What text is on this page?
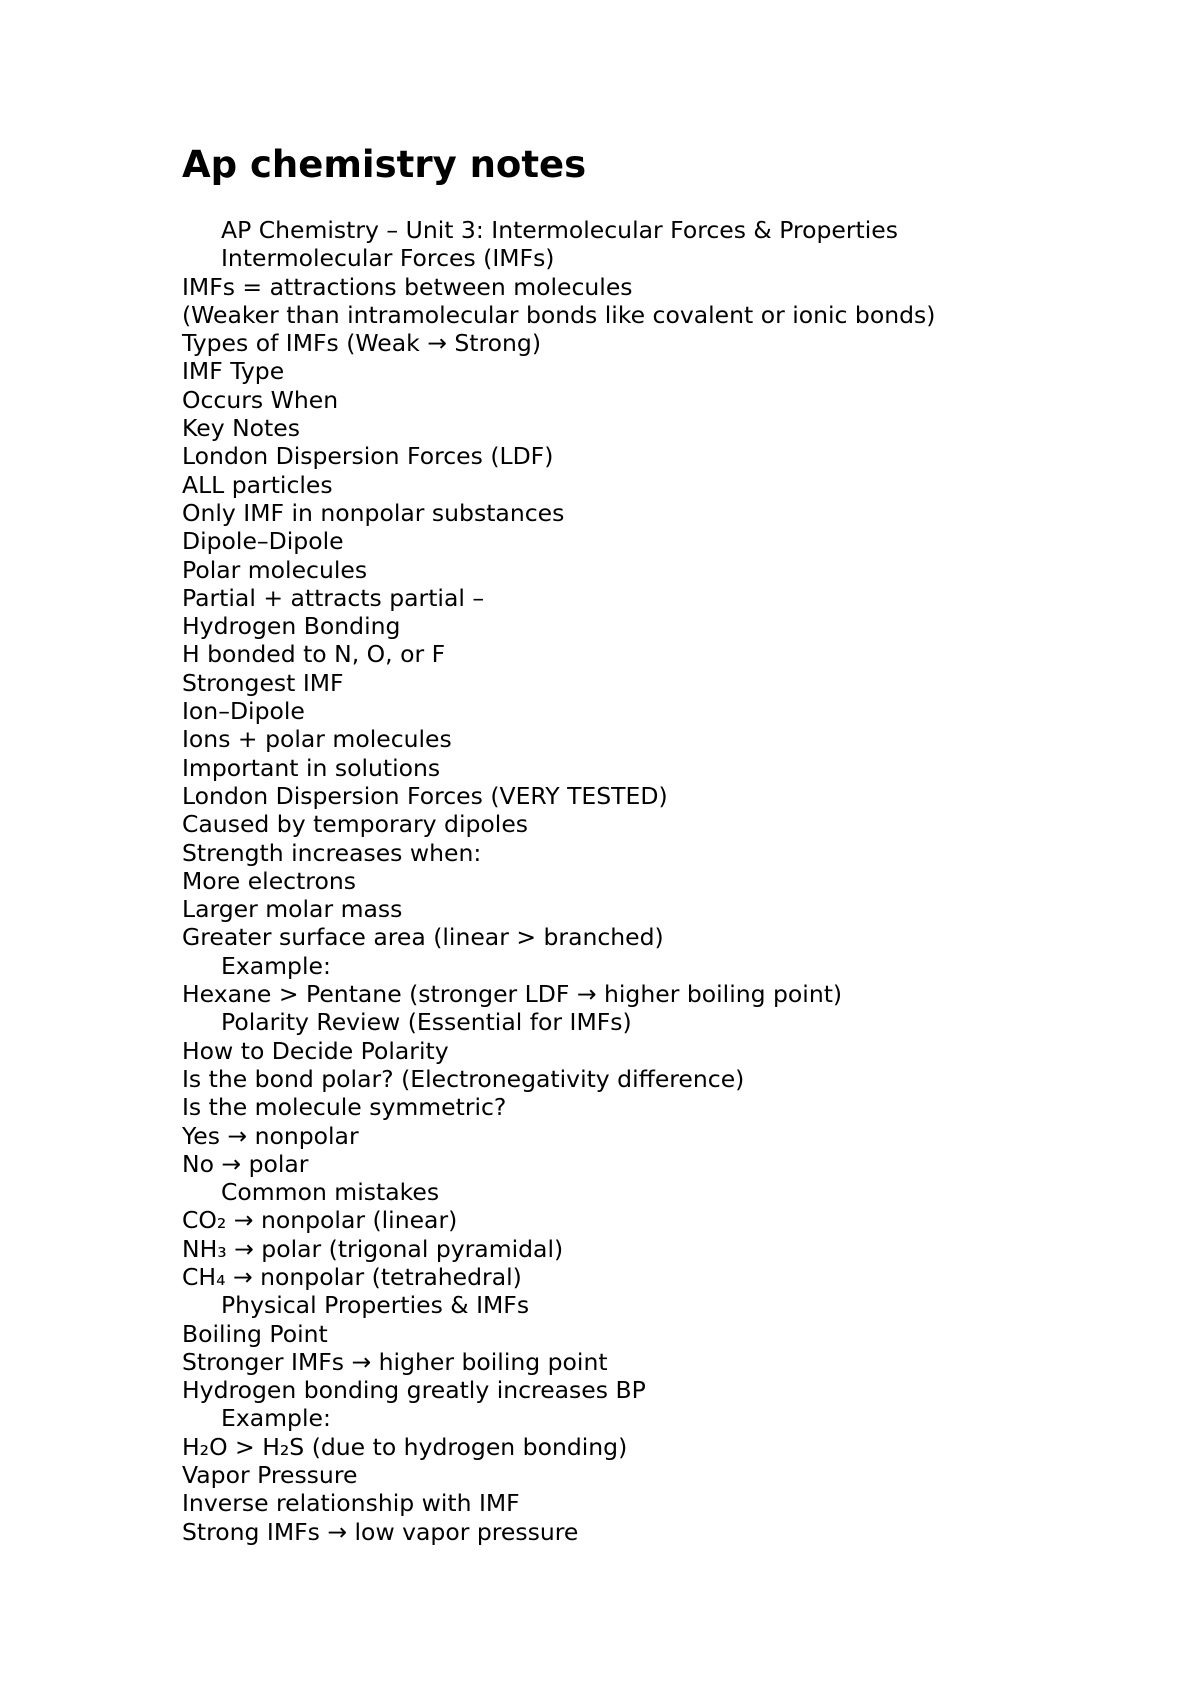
Ap chemistry notes
AP Chemistry – Unit 3: Intermolecular Forces & Properties
Intermolecular Forces (IMFs)
IMFs = attractions between molecules
(Weaker than intramolecular bonds like covalent or ionic bonds)
Types of IMFs (Weak → Strong)
IMF Type
Occurs When
Key Notes
London Dispersion Forces (LDF)
ALL particles
Only IMF in nonpolar substances
Dipole–Dipole
Polar molecules
Partial + attracts partial –
Hydrogen Bonding
H bonded to N, O, or F
Strongest IMF
Ion–Dipole
Ions + polar molecules
Important in solutions
London Dispersion Forces (VERY TESTED)
Caused by temporary dipoles
Strength increases when:
More electrons
Larger molar mass
Greater surface area (linear > branched)
Example:
Hexane > Pentane (stronger LDF → higher boiling point)
Polarity Review (Essential for IMFs)
How to Decide Polarity
Is the bond polar? (Electronegativity difference)
Is the molecule symmetric?
Yes → nonpolar
No → polar
Common mistakes
CO₂ → nonpolar (linear)
NH₃ → polar (trigonal pyramidal)
CH₄ → nonpolar (tetrahedral)
Physical Properties & IMFs
Boiling Point
Stronger IMFs → higher boiling point
Hydrogen bonding greatly increases BP
Example:
H₂O > H₂S (due to hydrogen bonding)
Vapor Pressure
Inverse relationship with IMF
Strong IMFs → low vapor pressure
